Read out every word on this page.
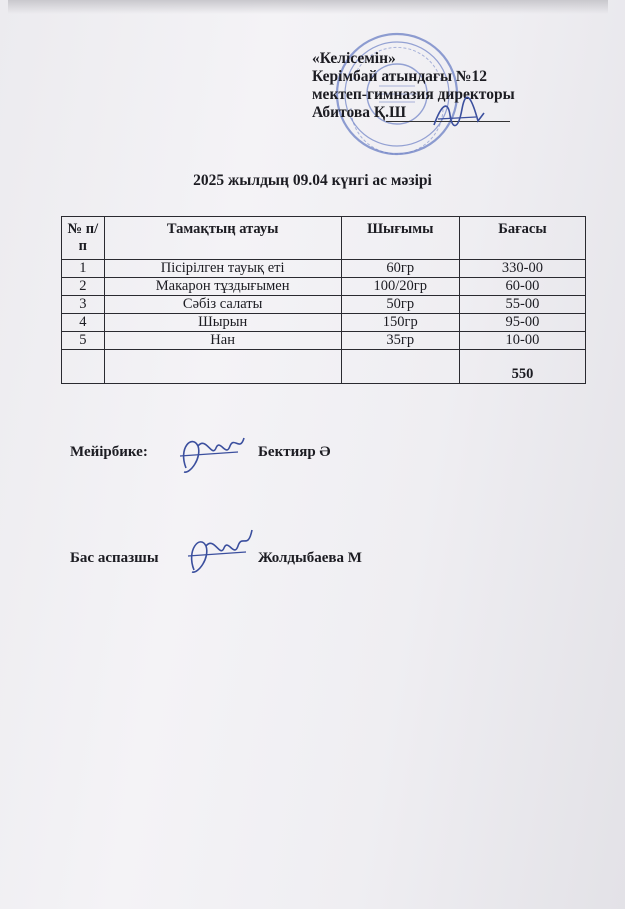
«Келісемін»
Керімбай атындағы №12
мектеп-гимназия директоры
Абитова Қ.Ш
2025 жылдың 09.04 күнгі ас мәзірі
№ п/п	Тамақтың атауы	Шығымы	Бағасы
1	Пісірілген тауық еті	60гр	330-00
2	Макарон тұздығымен	100/20гр	60-00
3	Сәбіз салаты	50гр	55-00
4	Шырын	150гр	95-00
5	Нан	35гр	10-00
			550
Мейірбике:	Бектияр Ә
Бас аспазшы	Жолдыбаева М
